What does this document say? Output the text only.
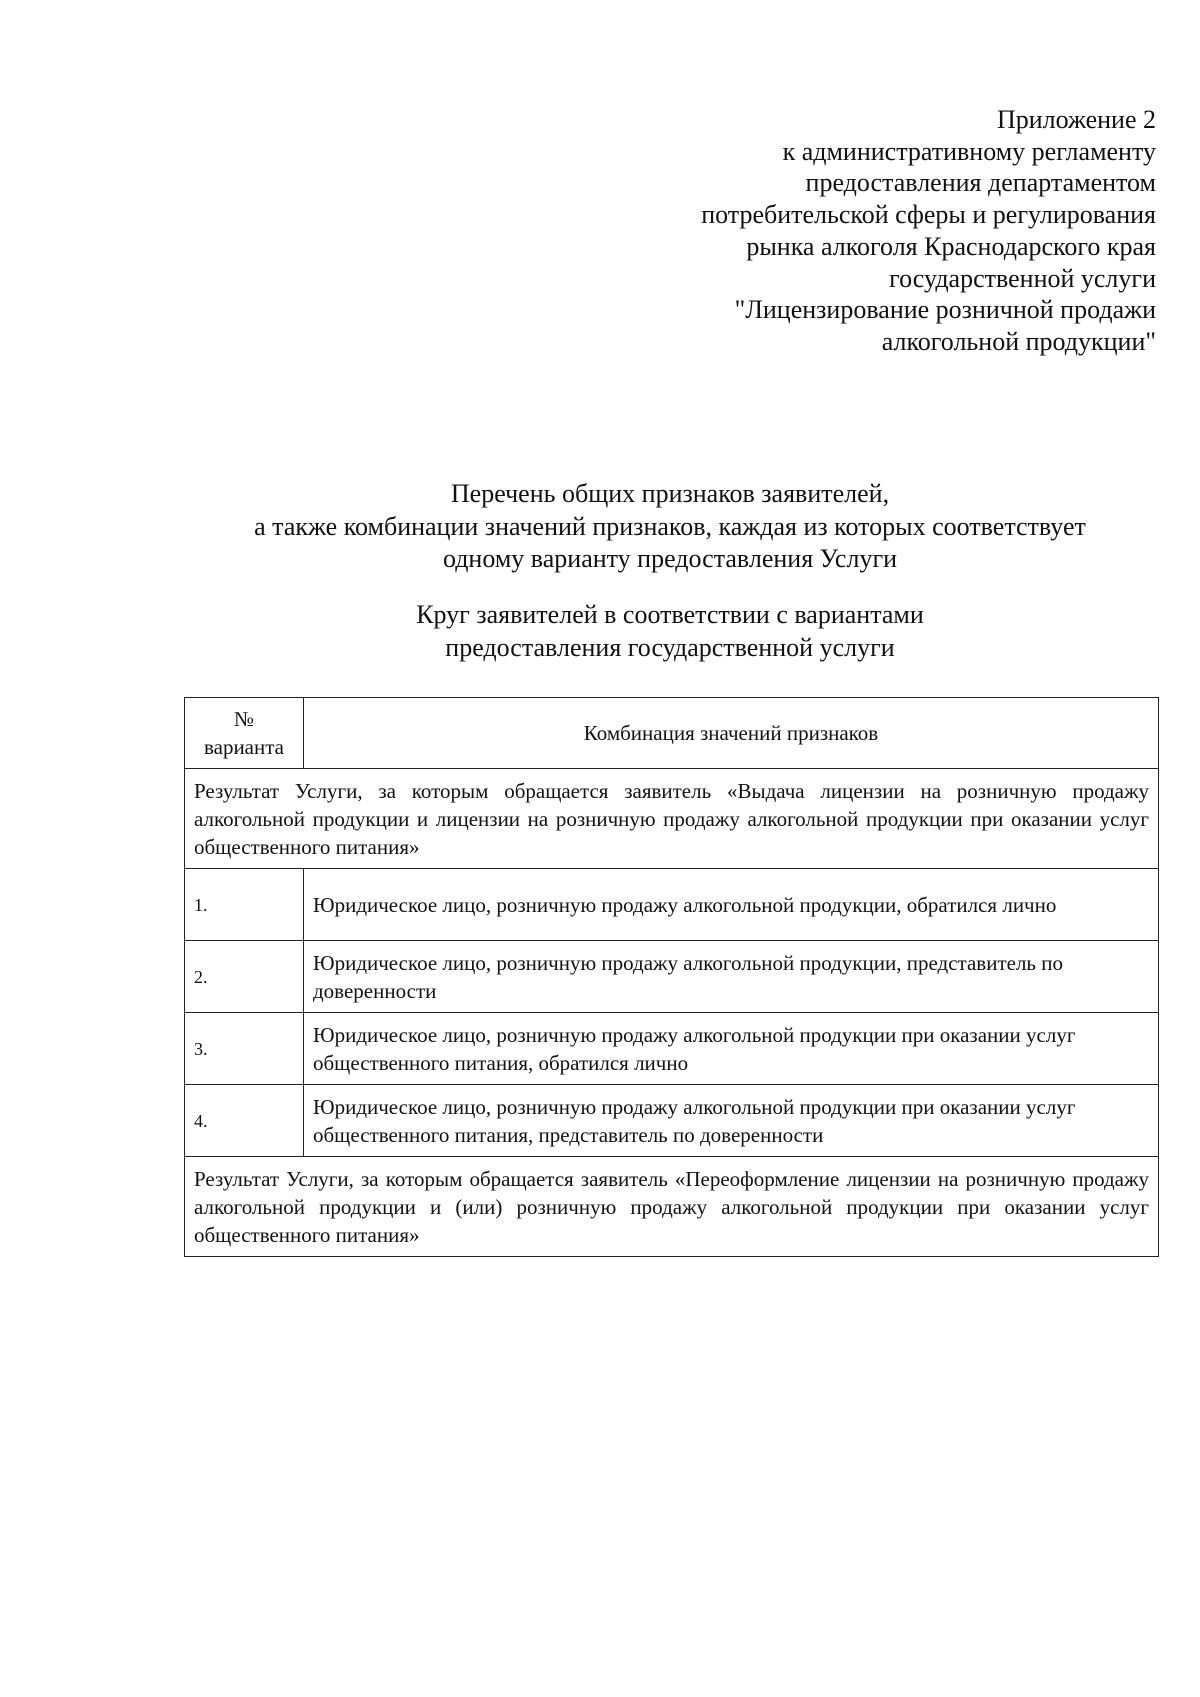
Приложение 2
к административному регламенту
предоставления департаментом
потребительской сферы и регулирования
рынка алкоголя Краснодарского края
государственной услуги
"Лицензирование розничной продажи
алкогольной продукции"
Перечень общих признаков заявителей,
а также комбинации значений признаков, каждая из которых соответствует
одному варианту предоставления Услуги
Круг заявителей в соответствии с вариантами
предоставления государственной услуги
№
варианта	Комбинация значений признаков
Результат Услуги, за которым обращается заявитель «Выдача лицензии на розничную продажу алкогольной продукции и лицензии на розничную продажу алкогольной продукции при оказании услуг общественного питания»	
1.	Юридическое лицо, розничную продажу алкогольной продукции, обратился лично
2.	Юридическое лицо, розничную продажу алкогольной продукции, представитель по доверенности
3.	Юридическое лицо, розничную продажу алкогольной продукции при оказании услуг общественного питания, обратился лично
4.	Юридическое лицо, розничную продажу алкогольной продукции при оказании услуг общественного питания, представитель по доверенности
Результат Услуги, за которым обращается заявитель «Переоформление лицензии на розничную продажу алкогольной продукции и (или) розничную продажу алкогольной продукции при оказании услуг общественного питания»	
